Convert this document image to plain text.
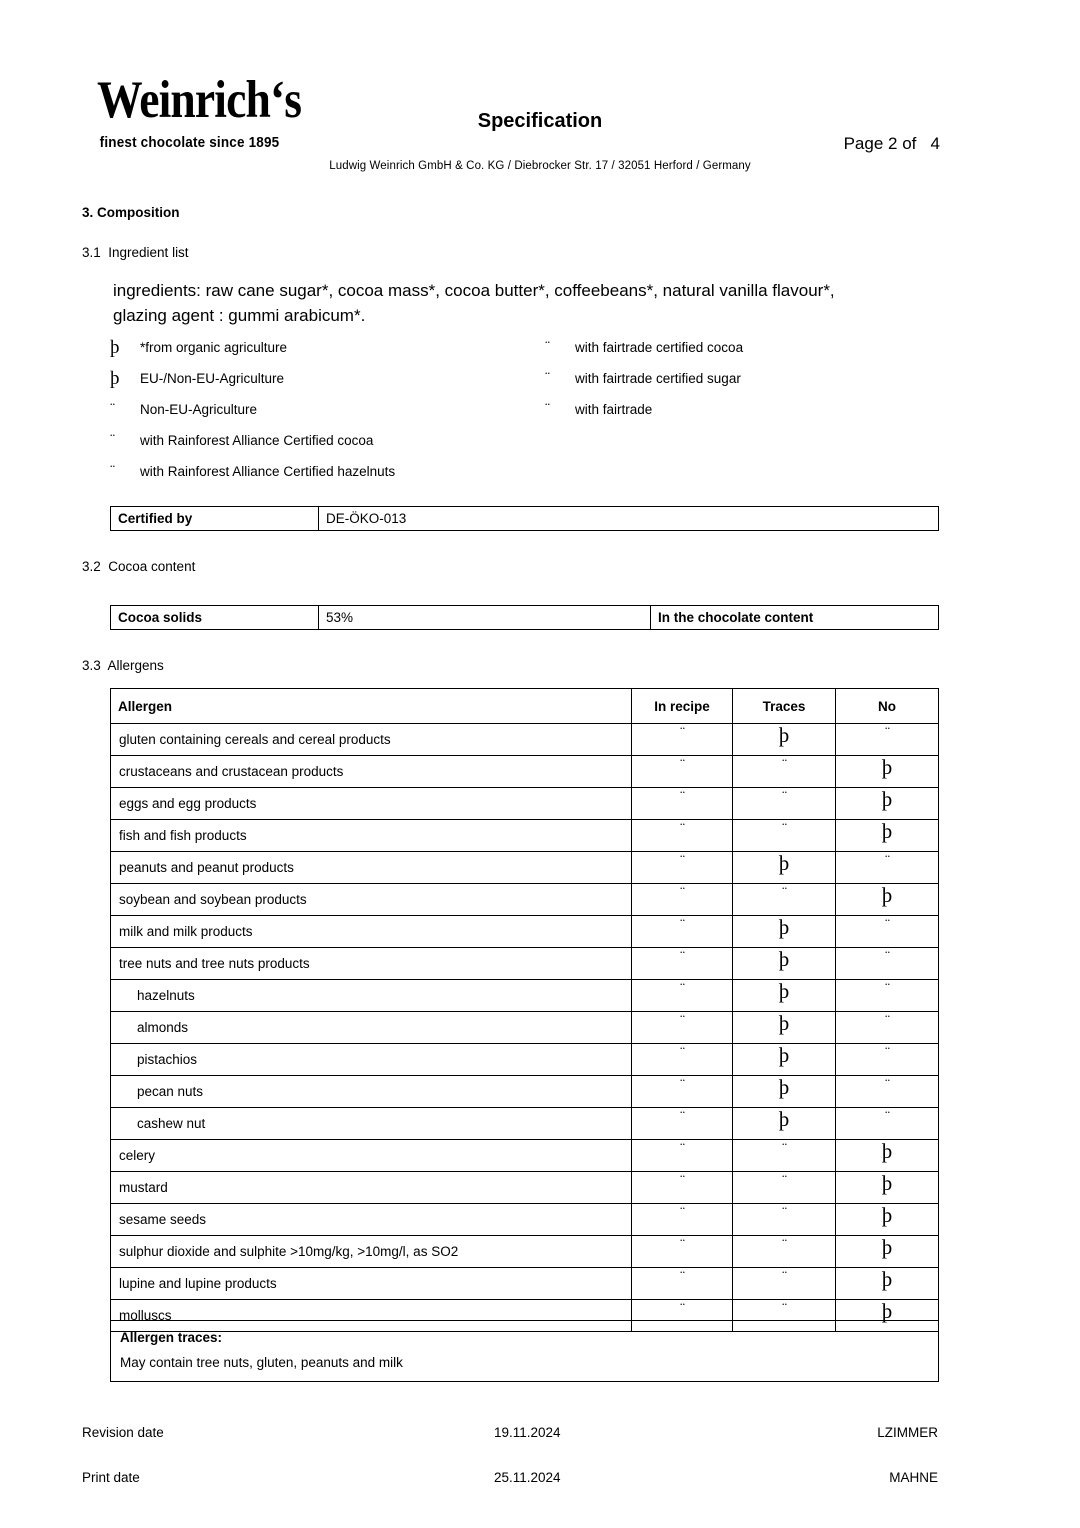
Weinrich‘s
finest chocolate since 1895
Specification
Ludwig Weinrich GmbH & Co. KG / Diebrocker Str. 17 / 32051 Herford / Germany
Page 2 of   4
3. Composition
3.1  Ingredient list
ingredients: raw cane sugar*, cocoa mass*, cocoa butter*, coffeebeans*, natural vanilla flavour*,
glazing agent : gummi arabicum*.
þ	*from organic agriculture
þ	EU-/Non-EU-Agriculture
¨	Non-EU-Agriculture
¨	with Rainforest Alliance Certified cocoa
¨	with Rainforest Alliance Certified hazelnuts
¨	with fairtrade certified cocoa
¨	with fairtrade certified sugar
¨	with fairtrade
Certified by	DE-ÖKO-013
3.2  Cocoa content
Cocoa solids	53%	In the chocolate content
3.3  Allergens
Allergen	In recipe	Traces	No
gluten containing cereals and cereal products	¨	þ	¨
crustaceans and crustacean products	¨	¨	þ
eggs and egg products	¨	¨	þ
fish and fish products	¨	¨	þ
peanuts and peanut products	¨	þ	¨
soybean and soybean products	¨	¨	þ
milk and milk products	¨	þ	¨
tree nuts and tree nuts products	¨	þ	¨
hazelnuts	¨	þ	¨
almonds	¨	þ	¨
pistachios	¨	þ	¨
pecan nuts	¨	þ	¨
cashew nut	¨	þ	¨
celery	¨	¨	þ
mustard	¨	¨	þ
sesame seeds	¨	¨	þ
sulphur dioxide and sulphite >10mg/kg, >10mg/l, as SO2	¨	¨	þ
lupine and lupine products	¨	¨	þ
molluscs	¨	¨	þ
Allergen traces:
May contain tree nuts, gluten, peanuts and milk
Revision date	19.11.2024	LZIMMER
Print date	25.11.2024	MAHNE
